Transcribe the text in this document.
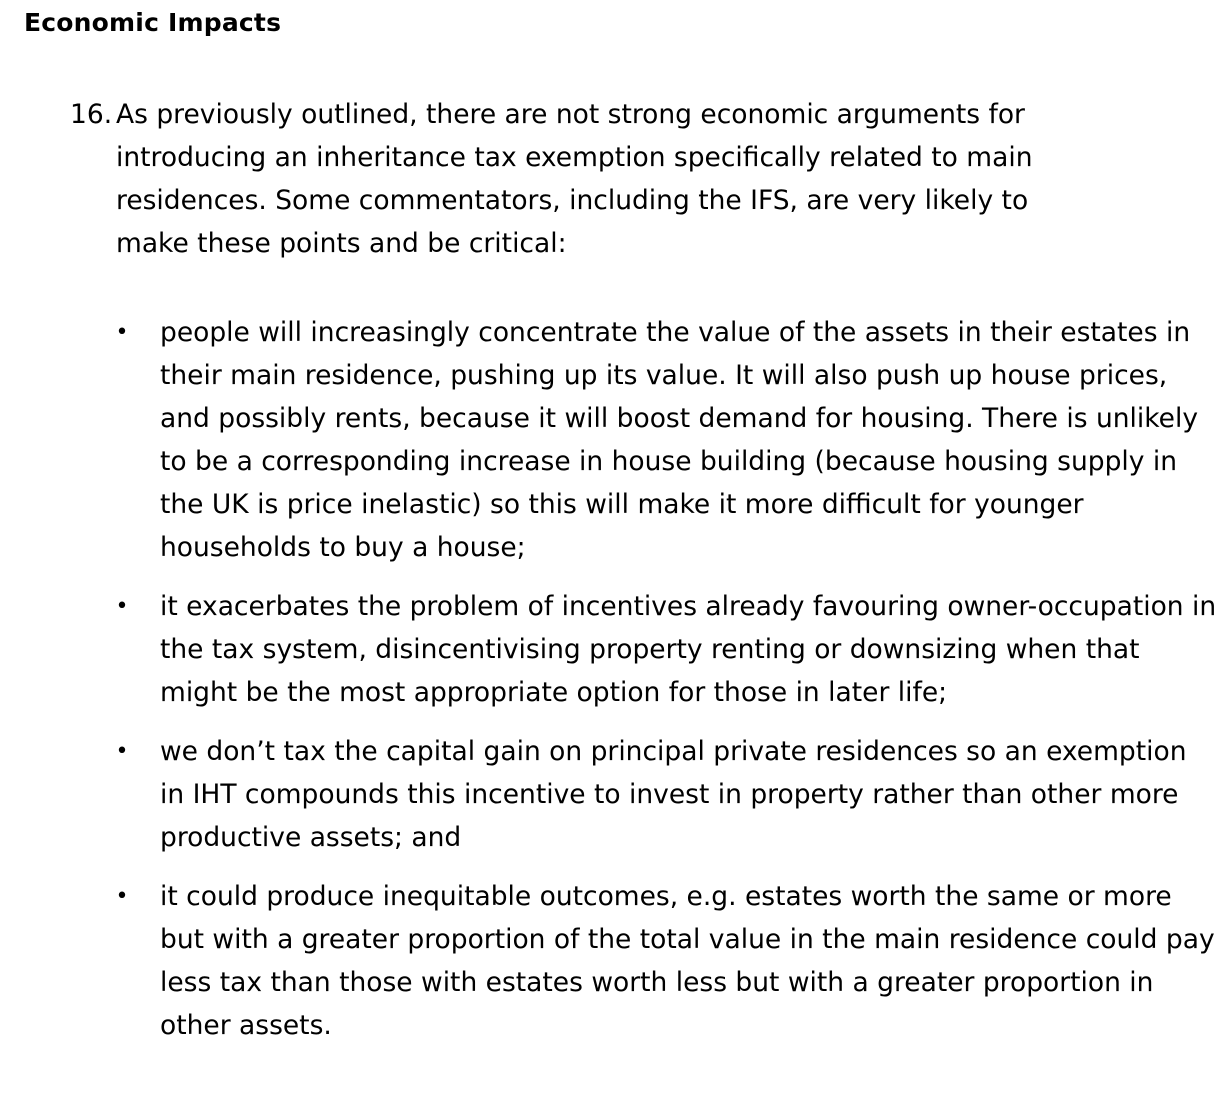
Economic Impacts
16. As previously outlined, there are not strong economic arguments for introducing an inheritance tax exemption specifically related to main residences. Some commentators, including the IFS, are very likely to make these points and be critical:
• people will increasingly concentrate the value of the assets in their estates in their main residence, pushing up its value. It will also push up house prices, and possibly rents, because it will boost demand for housing. There is unlikely to be a corresponding increase in house building (because housing supply in the UK is price inelastic) so this will make it more difficult for younger households to buy a house;
• it exacerbates the problem of incentives already favouring owner-occupation in the tax system, disincentivising property renting or downsizing when that might be the most appropriate option for those in later life;
• we don’t tax the capital gain on principal private residences so an exemption in IHT compounds this incentive to invest in property rather than other more productive assets; and
• it could produce inequitable outcomes, e.g. estates worth the same or more but with a greater proportion of the total value in the main residence could pay less tax than those with estates worth less but with a greater proportion in other assets.
